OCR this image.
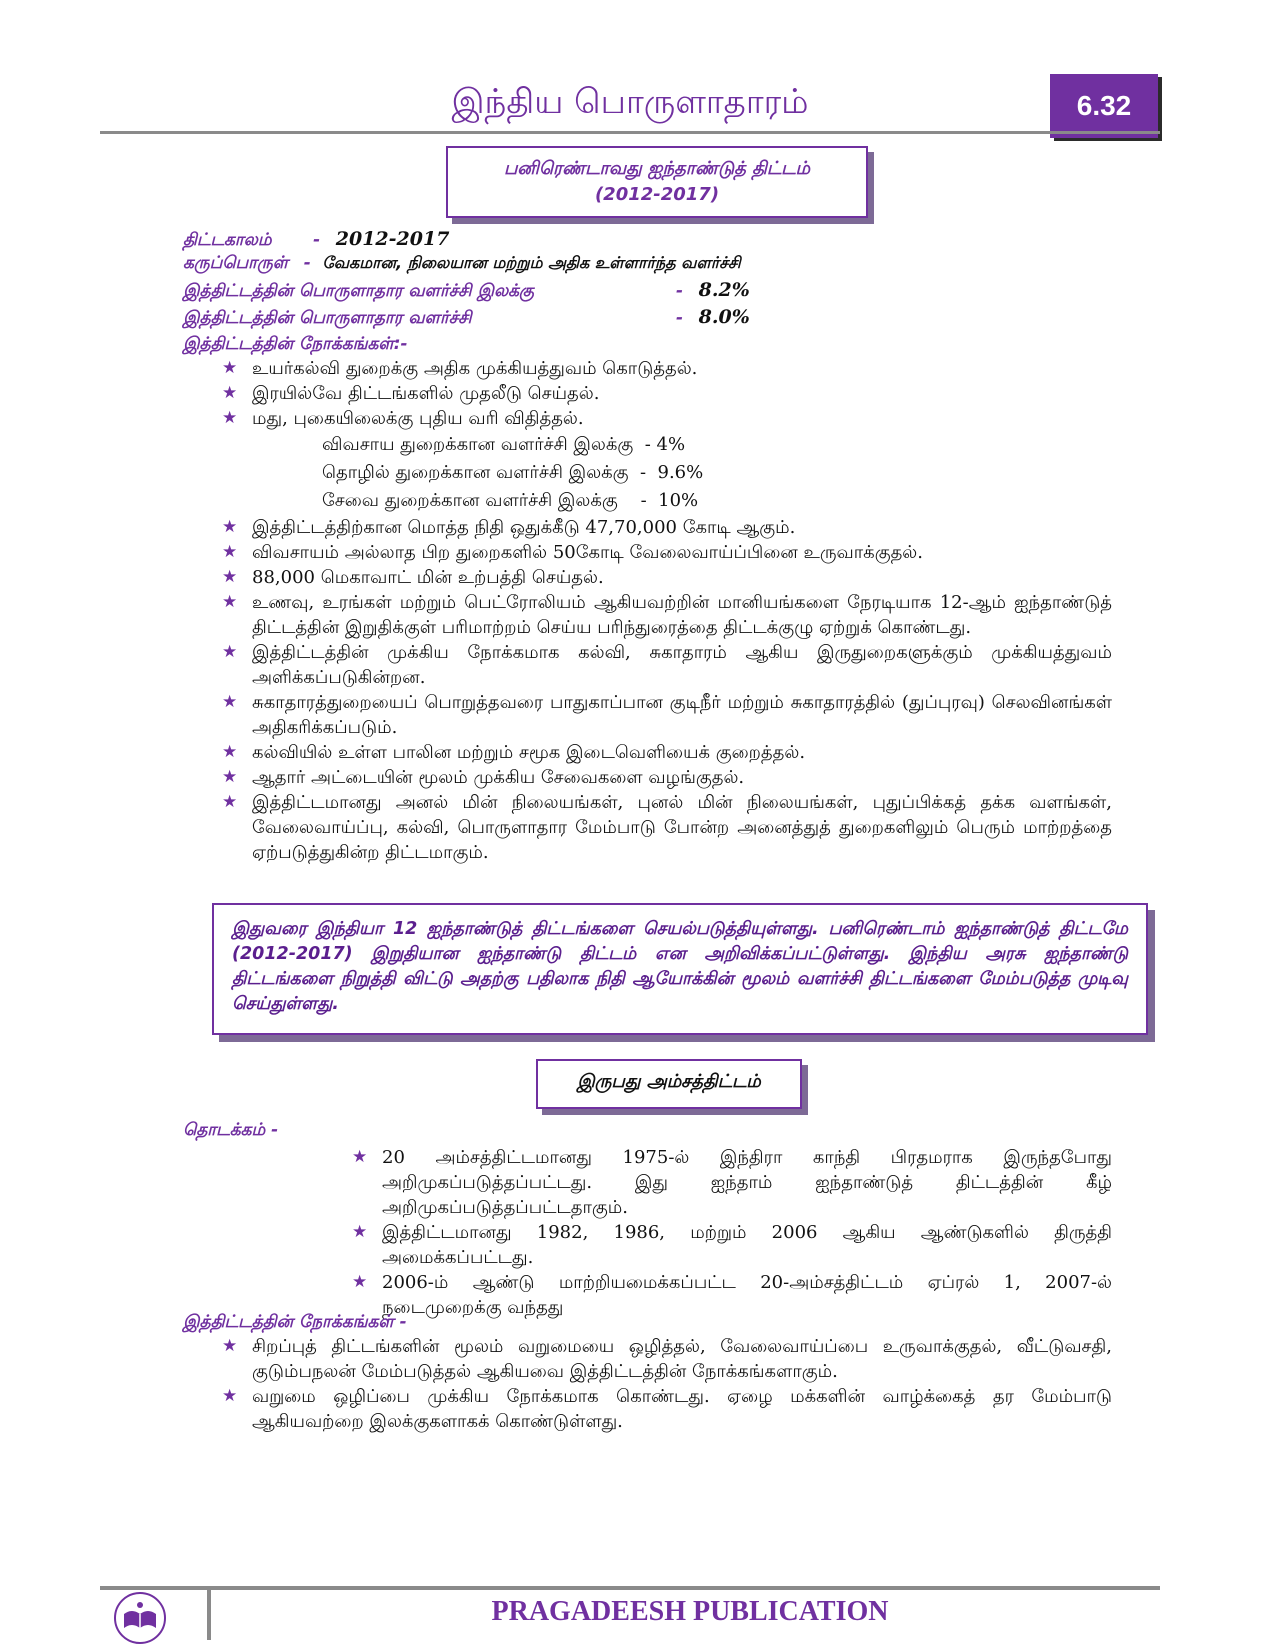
இந்திய பொருளாதாரம்	6.32
பனிரெண்டாவது ஐந்தாண்டுத் திட்டம்
(2012-2017)
திட்டகாலம் - 2012-2017
கருப்பொருள் - வேகமான, நிலையான மற்றும் அதிக உள்ளார்ந்த வளர்ச்சி
இத்திட்டத்தின் பொருளாதார வளர்ச்சி இலக்கு	- 8.2%
இத்திட்டத்தின் பொருளாதார வளர்ச்சி	- 8.0%
இத்திட்டத்தின் நோக்கங்கள்:-
★ உயர்கல்வி துறைக்கு அதிக முக்கியத்துவம் கொடுத்தல்.
★ இரயில்வே திட்டங்களில் முதலீடு செய்தல்.
★ மது, புகையிலைக்கு புதிய வரி விதித்தல்.
விவசாய துறைக்கான வளர்ச்சி இலக்கு  - 4%
தொழில் துறைக்கான வளர்ச்சி இலக்கு  -  9.6%
சேவை துறைக்கான வளர்ச்சி இலக்கு    -  10%
★ இத்திட்டத்திற்கான மொத்த நிதி ஒதுக்கீடு 47,70,000 கோடி ஆகும்.
★ விவசாயம் அல்லாத பிற துறைகளில் 50கோடி வேலைவாய்ப்பினை உருவாக்குதல்.
★ 88,000 மெகாவாட் மின் உற்பத்தி செய்தல்.
★ உணவு, உரங்கள் மற்றும் பெட்ரோலியம் ஆகியவற்றின் மானியங்களை நேரடியாக 12-ஆம் ஐந்தாண்டுத் திட்டத்தின் இறுதிக்குள் பரிமாற்றம் செய்ய பரிந்துரைத்தை திட்டக்குழு ஏற்றுக் கொண்டது.
★ இத்திட்டத்தின் முக்கிய நோக்கமாக கல்வி, சுகாதாரம் ஆகிய இருதுறைகளுக்கும் முக்கியத்துவம் அளிக்கப்படுகின்றன.
★ சுகாதாரத்துறையைப் பொறுத்தவரை பாதுகாப்பான குடிநீர் மற்றும் சுகாதாரத்தில் (துப்புரவு) செலவினங்கள் அதிகரிக்கப்படும்.
★ கல்வியில் உள்ள பாலின மற்றும் சமூக இடைவெளியைக் குறைத்தல்.
★ ஆதார் அட்டையின் மூலம் முக்கிய சேவைகளை வழங்குதல்.
★ இத்திட்டமானது அனல் மின் நிலையங்கள், புனல் மின் நிலையங்கள், புதுப்பிக்கத் தக்க வளங்கள், வேலைவாய்ப்பு, கல்வி, பொருளாதார மேம்பாடு போன்ற அனைத்துத் துறைகளிலும் பெரும் மாற்றத்தை ஏற்படுத்துகின்ற திட்டமாகும்.
இதுவரை இந்தியா 12 ஐந்தாண்டுத் திட்டங்களை செயல்படுத்தியுள்ளது. பனிரெண்டாம் ஐந்தாண்டுத் திட்டமே (2012-2017) இறுதியான ஐந்தாண்டு திட்டம் என அறிவிக்கப்பட்டுள்ளது. இந்திய அரசு ஐந்தாண்டு திட்டங்களை நிறுத்தி விட்டு அதற்கு பதிலாக நிதி ஆயோக்கின் மூலம் வளர்ச்சி திட்டங்களை மேம்படுத்த முடிவு செய்துள்ளது.
இருபது அம்சத்திட்டம்
தொடக்கம் -
★ 20 அம்சத்திட்டமானது 1975-ல் இந்திரா காந்தி பிரதமராக இருந்தபோது அறிமுகப்படுத்தப்பட்டது. இது ஐந்தாம் ஐந்தாண்டுத் திட்டத்தின் கீழ் அறிமுகப்படுத்தப்பட்டதாகும்.
★ இத்திட்டமானது 1982, 1986, மற்றும் 2006 ஆகிய ஆண்டுகளில் திருத்தி அமைக்கப்பட்டது.
★ 2006-ம் ஆண்டு மாற்றியமைக்கப்பட்ட 20-அம்சத்திட்டம் ஏப்ரல் 1, 2007-ல் நடைமுறைக்கு வந்தது
இத்திட்டத்தின் நோக்கங்கள் -
★ சிறப்புத் திட்டங்களின் மூலம் வறுமையை ஒழித்தல், வேலைவாய்ப்பை உருவாக்குதல், வீட்டுவசதி, குடும்பநலன் மேம்படுத்தல் ஆகியவை இத்திட்டத்தின் நோக்கங்களாகும்.
★ வறுமை ஒழிப்பை முக்கிய நோக்கமாக கொண்டது. ஏழை மக்களின் வாழ்க்கைத் தர மேம்பாடு ஆகியவற்றை இலக்குகளாகக் கொண்டுள்ளது.
PRAGADEESH PUBLICATION
